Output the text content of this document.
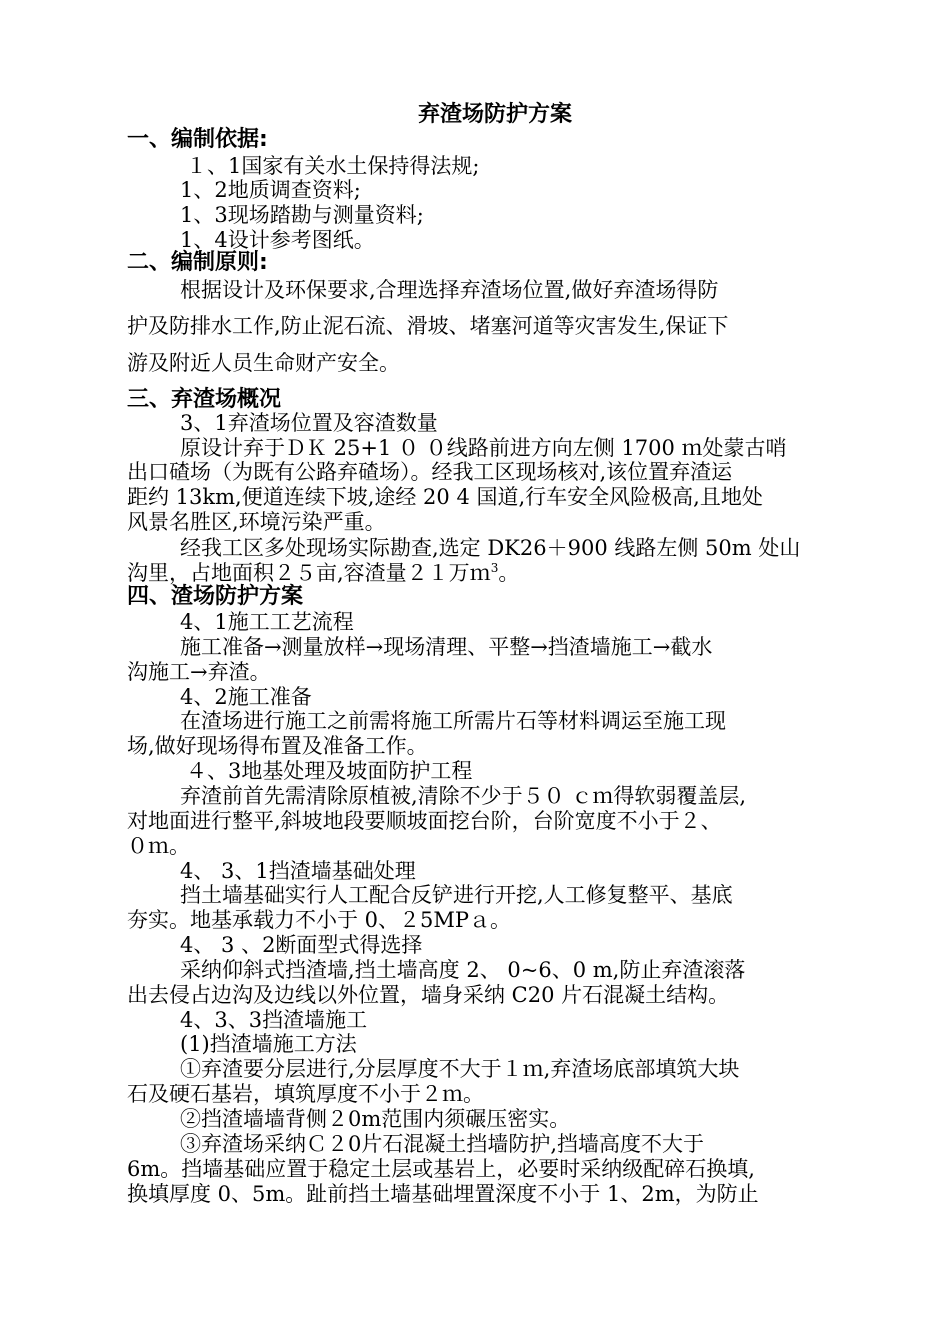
弃渣场防护方案
一、编制依据:
１、1国家有关水土保持得法规;
1、2地质调查资料;
1、3现场踏勘与测量资料;
1、4设计参考图纸。
二、编制原则:
根据设计及环保要求,合理选择弃渣场位置,做好弃渣场得防
护及防排水工作,防止泥石流、滑坡、堵塞河道等灾害发生,保证下
游及附近人员生命财产安全。
三、弃渣场概况
3、1弃渣场位置及容渣数量
原设计弃于ＤＫ 25+1 ０ ０线路前进方向左侧 1700 ｍ处蒙古哨
出口碴场（为既有公路弃碴场）。经我工区现场核对,该位置弃渣运
距约 13km,便道连续下坡,途经 20 4 国道,行车安全风险极高,且地处
风景名胜区,环境污染严重。
经我工区多处现场实际勘查,选定 DK26＋900 线路左侧 50m 处山
沟里，占地面积２５亩,容渣量２１万ｍ$^3$。
四、渣场防护方案
4、1施工工艺流程
施工准备→测量放样→现场清理、平整→挡渣墙施工→截水
沟施工→弃渣。
4、2施工准备
在渣场进行施工之前需将施工所需片石等材料调运至施工现
场,做好现场得布置及准备工作。
４、3地基处理及坡面防护工程
弃渣前首先需清除原植被,清除不少于５０ ｃｍ得软弱覆盖层,
对地面进行整平,斜坡地段要顺坡面挖台阶，台阶宽度不小于２、
０ｍ。
4、 3、1挡渣墙基础处理
挡土墙基础实行人工配合反铲进行开挖,人工修复整平、基底
夯实。地基承载力不小于 0、２5MPａ。
4、 3 、2断面型式得选择
采纳仰斜式挡渣墙,挡土墙高度 2、 0~6、0 m,防止弃渣滚落
出去侵占边沟及边线以外位置，墙身采纳 C20 片石混凝土结构。
4、3、3挡渣墙施工
(1)挡渣墙施工方法
①弃渣要分层进行,分层厚度不大于１ｍ,弃渣场底部填筑大块
石及硬石基岩，填筑厚度不小于２ｍ。
②挡渣墙墙背侧２0m范围内须碾压密实。
③弃渣场采纳Ｃ２0片石混凝土挡墙防护,挡墙高度不大于
6m。挡墙基础应置于稳定土层或基岩上，必要时采纳级配碎石换填,
换填厚度 0、5m。趾前挡土墙基础埋置深度不小于 1、2m，为防止
